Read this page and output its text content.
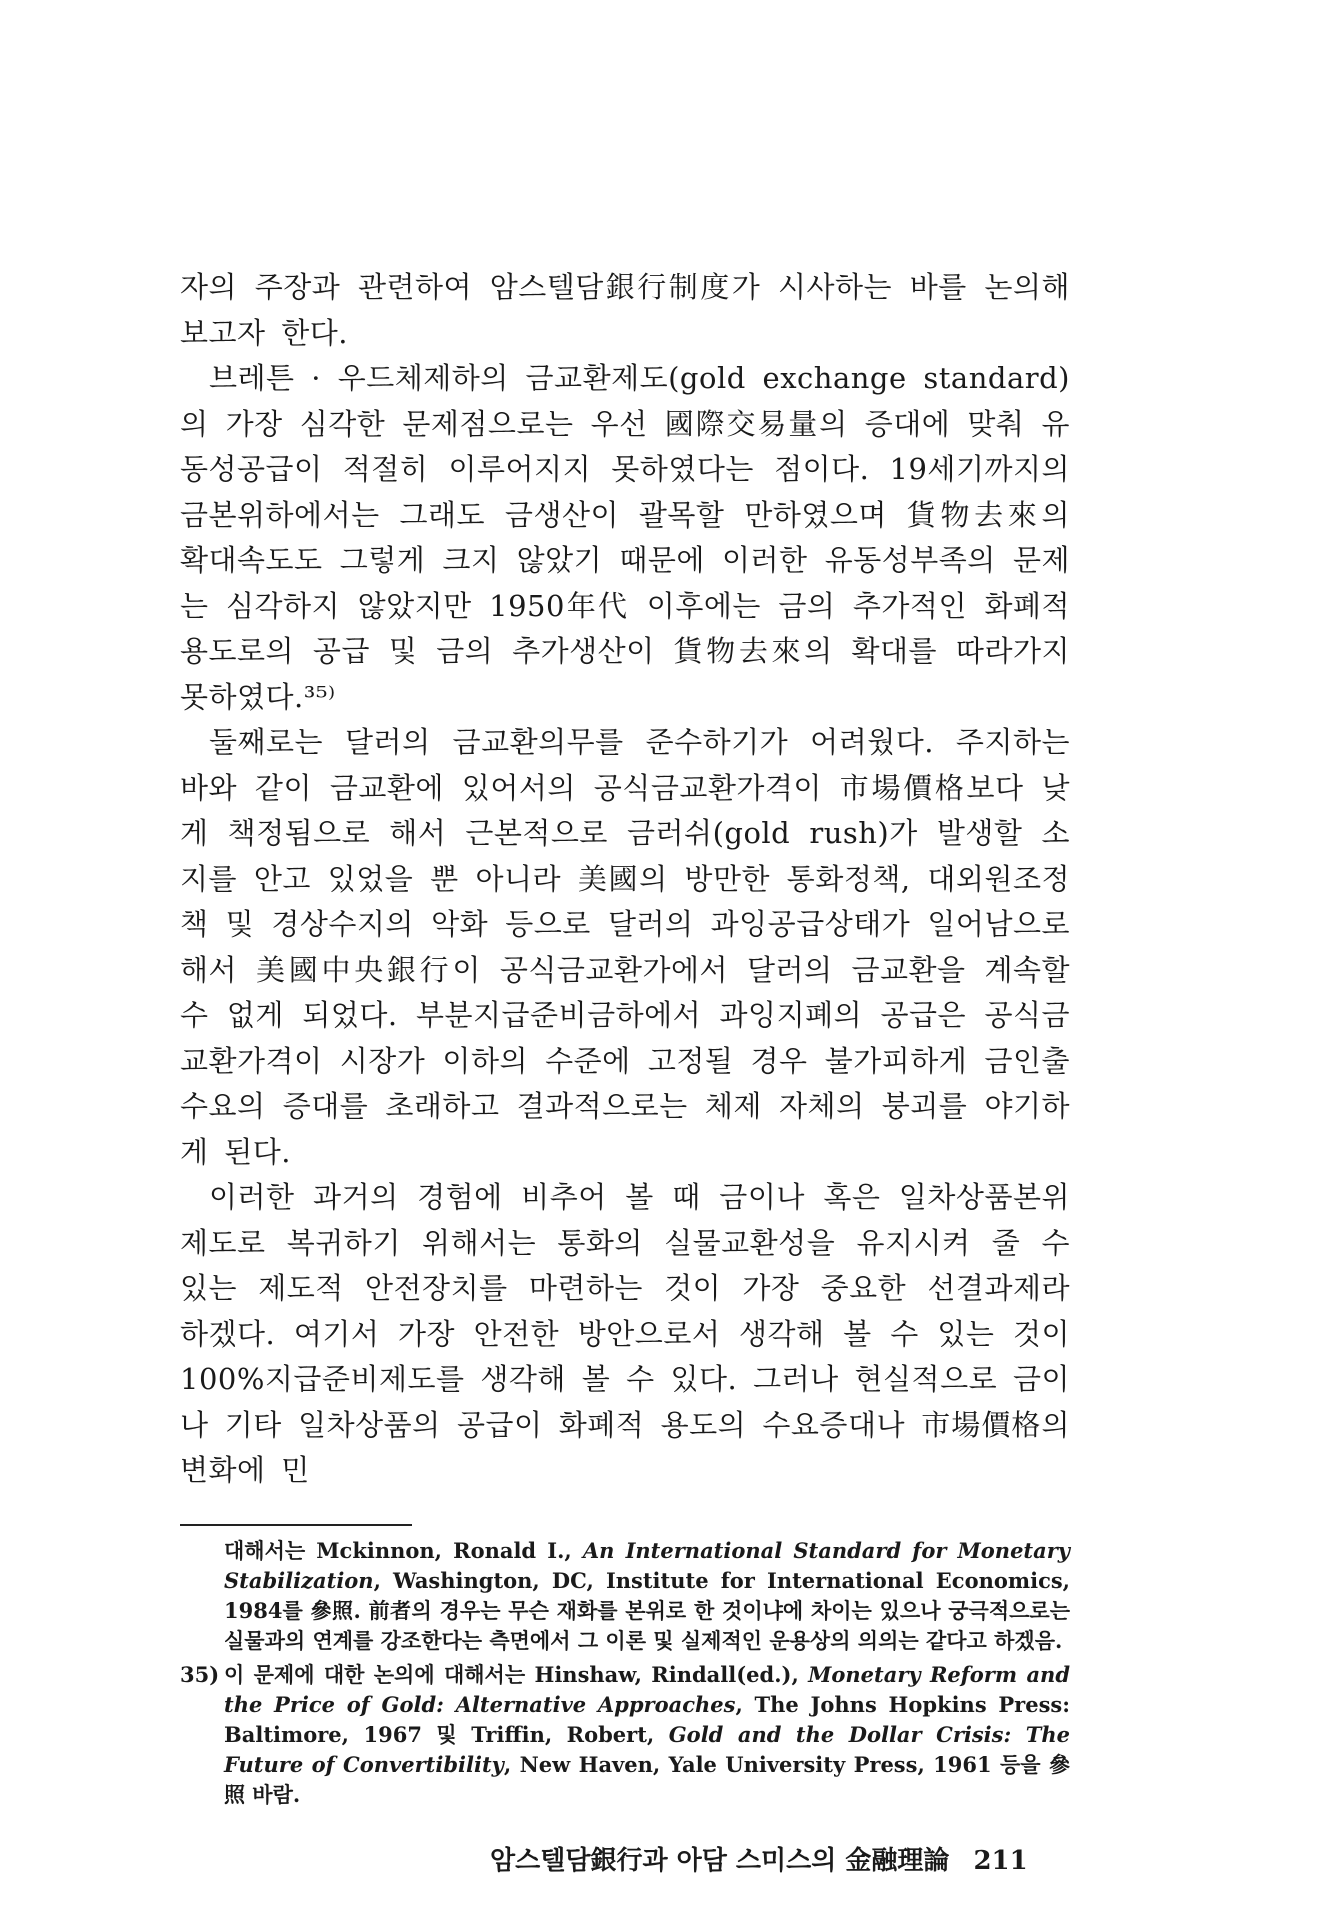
자의 주장과 관련하여 암스텔담銀行制度가 시사하는 바를 논의해 보고자 한다.

브레튼 · 우드체제하의 금교환제도(gold exchange standard)의 가장 심각한 문제점으로는 우선 國際交易量의 증대에 맞춰 유동성공급이 적절히 이루어지지 못하였다는 점이다. 19세기까지의 금본위하에서는 그래도 금생산이 괄목할 만하였으며 貨物去來의 확대속도도 그렇게 크지 않았기 때문에 이러한 유동성부족의 문제는 심각하지 않았지만 1950年代 이후에는 금의 추가적인 화폐적 용도로의 공급 및 금의 추가생산이 貨物去來의 확대를 따라가지 못하였다.³⁵⁾

둘째로는 달러의 금교환의무를 준수하기가 어려웠다. 주지하는 바와 같이 금교환에 있어서의 공식금교환가격이 市場價格보다 낮게 책정됨으로 해서 근본적으로 금러쉬(gold rush)가 발생할 소지를 안고 있었을 뿐 아니라 美國의 방만한 통화정책, 대외원조정책 및 경상수지의 악화 등으로 달러의 과잉공급상태가 일어남으로 해서 美國中央銀行이 공식금교환가에서 달러의 금교환을 계속할 수 없게 되었다. 부분지급준비금하에서 과잉지폐의 공급은 공식금교환가격이 시장가 이하의 수준에 고정될 경우 불가피하게 금인출수요의 증대를 초래하고 결과적으로는 체제 자체의 붕괴를 야기하게 된다.

이러한 과거의 경험에 비추어 볼 때 금이나 혹은 일차상품본위제도로 복귀하기 위해서는 통화의 실물교환성을 유지시켜 줄 수 있는 제도적 안전장치를 마련하는 것이 가장 중요한 선결과제라 하겠다. 여기서 가장 안전한 방안으로서 생각해 볼 수 있는 것이 100%지급준비제도를 생각해 볼 수 있다. 그러나 현실적으로 금이나 기타 일차상품의 공급이 화폐적 용도의 수요증대나 市場價格의 변화에 민

대해서는 Mckinnon, Ronald I., An International Standard for Monetary Stabilization, Washington, DC, Institute for International Economics, 1984를 參照. 前者의 경우는 무슨 재화를 본위로 한 것이냐에 차이는 있으나 궁극적으로는 실물과의 연계를 강조한다는 측면에서 그 이론 및 실제적인 운용상의 의의는 같다고 하겠음.

35) 이 문제에 대한 논의에 대해서는 Hinshaw, Rindall(ed.), Monetary Reform and the Price of Gold: Alternative Approaches, The Johns Hopkins Press: Baltimore, 1967 및 Triffin, Robert, Gold and the Dollar Crisis: The Future of Convertibility, New Haven, Yale University Press, 1961 등을 參照 바람.

암스텔담銀行과 아담 스미스의 金融理論 211
